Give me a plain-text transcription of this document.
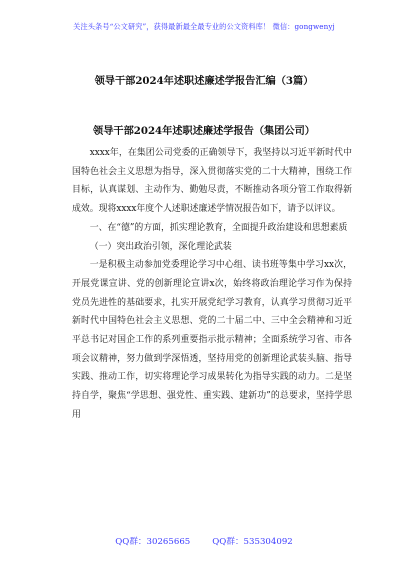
关注头条号“公文研究”，获得最新最全最专业的公文资料库！ 微信：gongwenyj
领导干部2024年述职述廉述学报告汇编（3篇）
领导干部2024年述职述廉述学报告（集团公司）

xxxx年，在集团公司党委的正确领导下，我坚持以习近平新时代中国特色社会主义思想为指导，深入贯彻落实党的二十大精神，围绕工作目标，认真谋划、主动作为、勤勉尽责，不断推动各项分管工作取得新成效。现将xxxx年度个人述职述廉述学情况报告如下，请予以评议。

一、在“德”的方面，抓实理论教育，全面提升政治建设和思想素质

（一）突出政治引领，深化理论武装

一是积极主动参加党委理论学习中心组、读书班等集中学习xx次，开展党课宣讲、党的创新理论宣讲x次，始终将政治理论学习作为保持党员先进性的基础要求，扎实开展党纪学习教育，认真学习贯彻习近平新时代中国特色社会主义思想、党的二十届二中、三中全会精神和习近平总书记对国企工作的系列重要指示批示精神；全面系统学习省、市各项会议精神，努力做到学深悟透，坚持用党的创新理论武装头脑、指导实践、推动工作，切实将理论学习成果转化为指导实践的动力。二是坚持自学，聚焦“学思想、强党性、重实践、建新功”的总要求，坚持学思用

QQ群：30265665	QQ群：535304092
